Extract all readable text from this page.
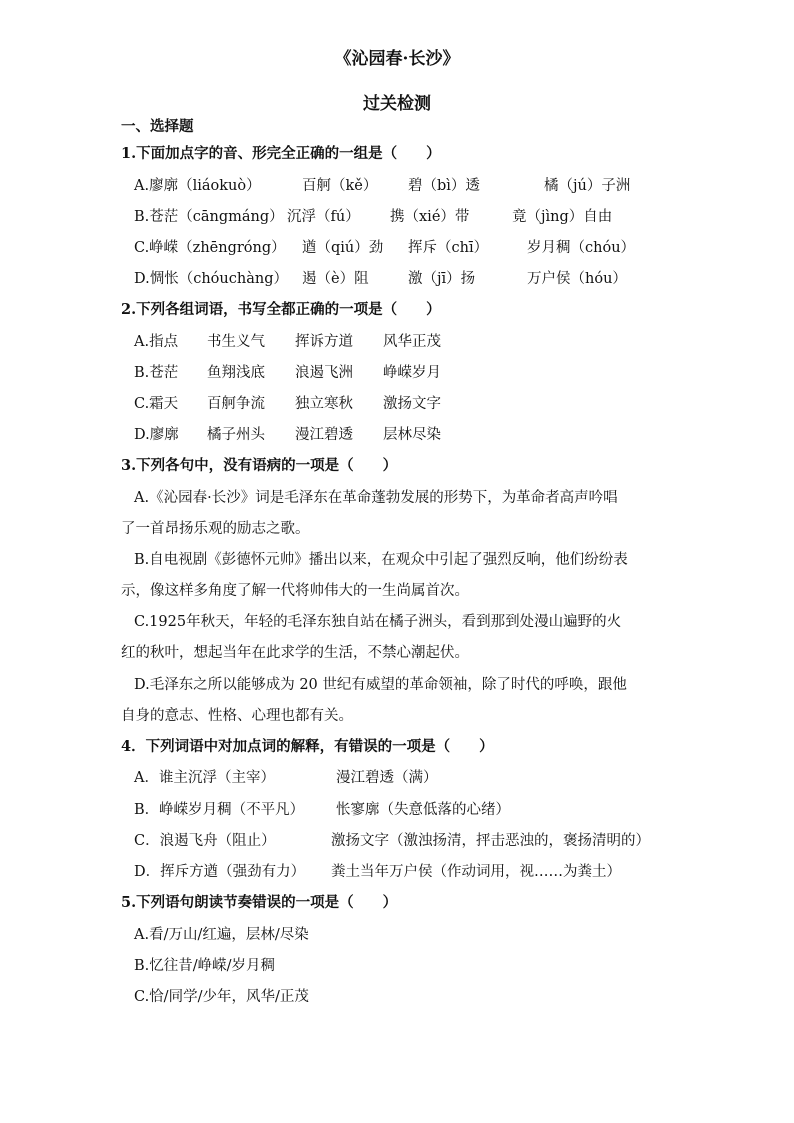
《沁园春·长沙》
过关检测
一、选择题
1.下面加点字的音、形完全正确的一组是（　　）
A.廖廓（liáokuò）	百舸（kě） 碧（bì）透	橘（jú）子洲
B.苍茫（cāngmáng） 沉浮（fú） 携（xié）带	竟（jìng）自由
C.峥嵘（zhēngróng） 遒（qiú）劲 挥斥（chī）	岁月稠（chóu）
D.惆怅（chóuchàng） 遏（è）阻	激（jī）扬	万户侯（hóu）
2.下列各组词语，书写全都正确的一项是（　　）
A.指点 书生义气 挥诉方道 风华正茂
B.苍茫 鱼翔浅底 浪遏飞洲 峥嵘岁月
C.霜天 百舸争流 独立寒秋 激扬文字
D.廖廓 橘子州头 漫江碧透 层林尽染
3.下列各句中，没有语病的一项是（　　）
A.《沁园春·长沙》词是毛泽东在革命蓬勃发展的形势下，为革命者高声吟唱
了一首昂扬乐观的励志之歌。
B.自电视剧《彭德怀元帅》播出以来，在观众中引起了强烈反响，他们纷纷表
示，像这样多角度了解一代将帅伟大的一生尚属首次。
C.1925年秋天，年轻的毛泽东独自站在橘子洲头，看到那到处漫山遍野的火
红的秋叶，想起当年在此求学的生活，不禁心潮起伏。
D.毛泽东之所以能够成为 20 世纪有威望的革命领袖，除了时代的呼唤，跟他
自身的意志、性格、心理也都有关。
4．下列词语中对加点词的解释，有错误的一项是（　　）
A．谁主沉浮（主宰）	漫江碧透（满）
B．峥嵘岁月稠（不平凡） 怅寥廓（失意低落的心绪）
C．浪遏飞舟（阻止）	激扬文字（激浊扬清，抨击恶浊的，褒扬清明的）
D．挥斥方遒（强劲有力） 粪土当年万户侯（作动词用，视……为粪土）
5.下列语句朗读节奏错误的一项是（　　）
A.看/万山/红遍，层林/尽染
B.忆往昔/峥嵘/岁月稠
C.恰/同学/少年，风华/正茂
